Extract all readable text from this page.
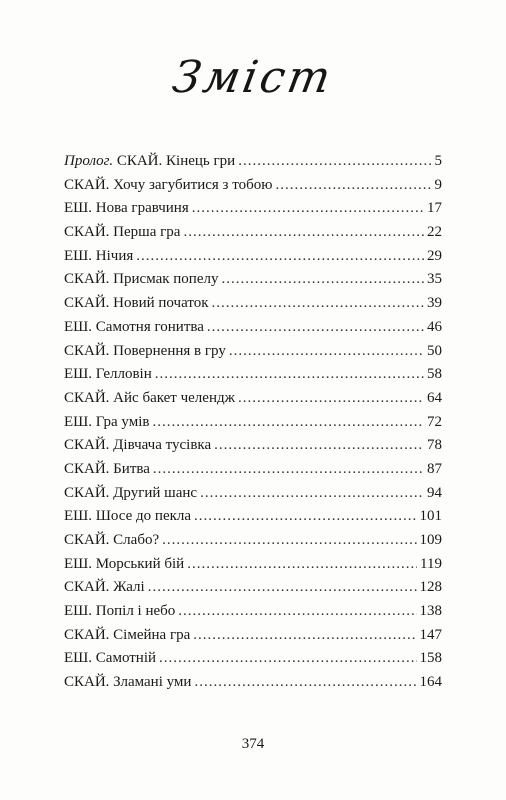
Зміст
Пролог. СКАЙ. Кінець гри .....	5
СКАЙ. Хочу загубитися з тобою .....	9
ЕШ. Нова гравчиня .....	17
СКАЙ. Перша гра .....	22
ЕШ. Нічия .....	29
СКАЙ. Присмак попелу .....	35
СКАЙ. Новий початок .....	39
ЕШ. Самотня гонитва .....	46
СКАЙ. Повернення в гру .....	50
ЕШ. Гелловін .....	58
СКАЙ. Айс бакет челендж .....	64
ЕШ. Гра умів .....	72
СКАЙ. Дівчача тусівка .....	78
СКАЙ. Битва .....	87
СКАЙ. Другий шанс .....	94
ЕШ. Шосе до пекла .....	101
СКАЙ. Слабо? .....	109
ЕШ. Морський бій .....	119
СКАЙ. Жалі .....	128
ЕШ. Попіл і небо .....	138
СКАЙ. Сімейна гра .....	147
ЕШ. Самотній .....	158
СКАЙ. Зламані уми .....	164
374
